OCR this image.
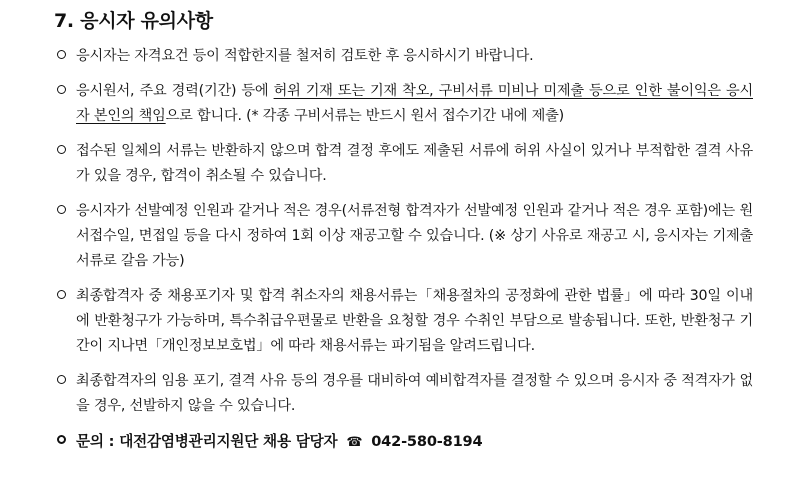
7. 응시자 유의사항
응시자는 자격요건 등이 적합한지를 철저히 검토한 후 응시하시기 바랍니다.
응시원서, 주요 경력(기간) 등에 허위 기재 또는 기재 착오, 구비서류 미비나 미제출 등으로 인한 불이익은 응시자 본인의 책임으로 합니다. (* 각종 구비서류는 반드시 원서 접수기간 내에 제출)
접수된 일체의 서류는 반환하지 않으며 합격 결정 후에도 제출된 서류에 허위 사실이 있거나 부적합한 결격 사유가 있을 경우, 합격이 취소될 수 있습니다.
응시자가 선발예정 인원과 같거나 적은 경우(서류전형 합격자가 선발예정 인원과 같거나 적은 경우 포함)에는 원서접수일, 면접일 등을 다시 정하여 1회 이상 재공고할 수 있습니다. (※ 상기 사유로 재공고 시, 응시자는 기제출 서류로 갈음 가능)
최종합격자 중 채용포기자 및 합격 취소자의 채용서류는「채용절차의 공정화에 관한 법률」에 따라 30일 이내에 반환청구가 가능하며, 특수취급우편물로 반환을 요청할 경우 수취인 부담으로 발송됩니다. 또한, 반환청구 기간이 지나면「개인정보보호법」에 따라 채용서류는 파기됨을 알려드립니다.
최종합격자의 임용 포기, 결격 사유 등의 경우를 대비하여 예비합격자를 결정할 수 있으며 응시자 중 적격자가 없을 경우, 선발하지 않을 수 있습니다.
문의 : 대전감염병관리지원단 채용 담당자 ☎ 042-580-8194
